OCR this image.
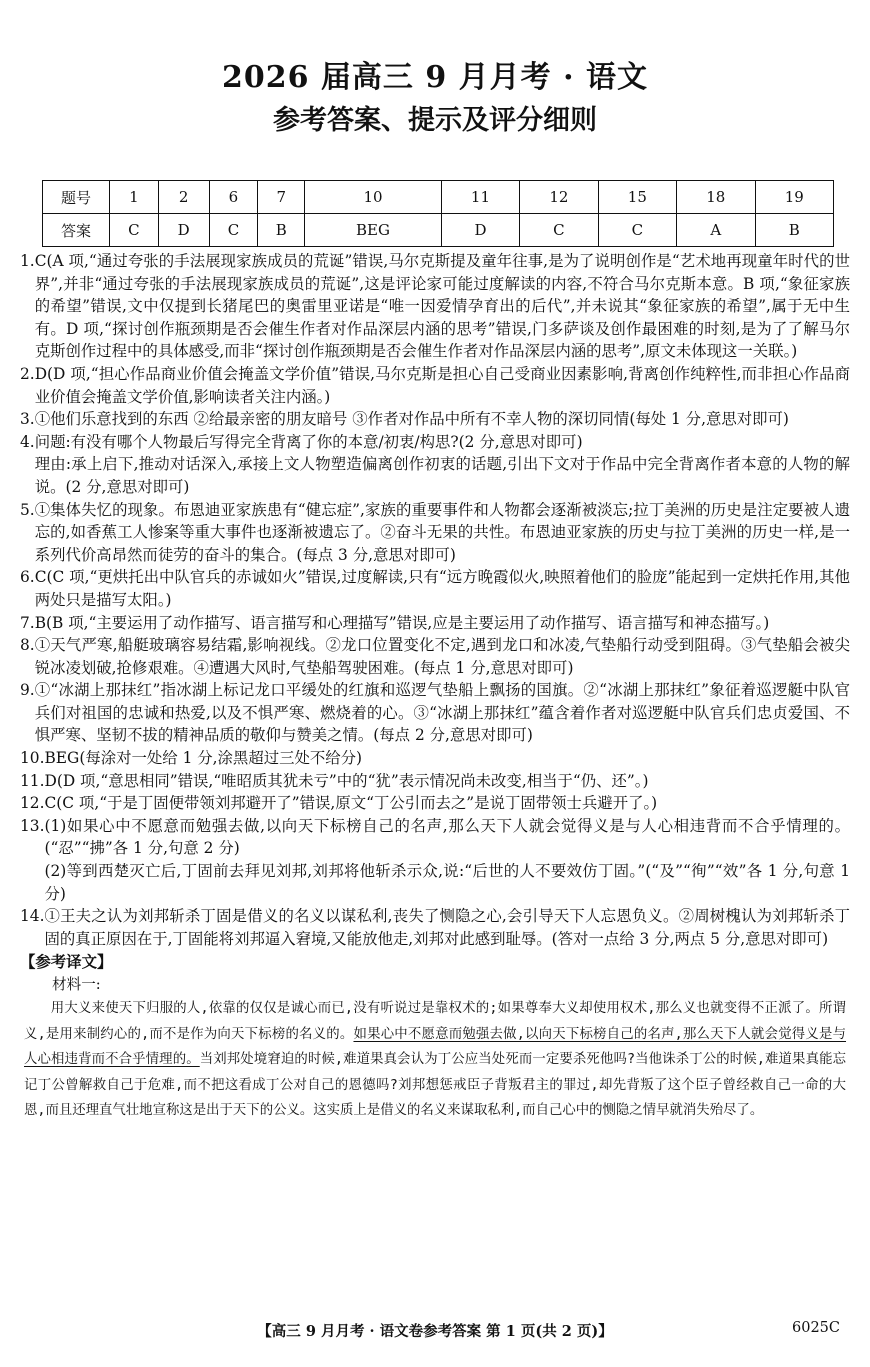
2026 届高三 9 月月考 · 语文
参考答案、提示及评分细则
题号	1	2	6	7	10	11	12	15	18	19
答案	C	D	C	B	BEG	D	C	C	A	B
1. C(A 项,“通过夸张的手法展现家族成员的荒诞”错误,马尔克斯提及童年往事,是为了说明创作是“艺术地再现童年时代的世界”,并非“通过夸张的手法展现家族成员的荒诞”,这是评论家可能过度解读的内容,不符合马尔克斯本意。B 项,“象征家族的希望”错误,文中仅提到长猪尾巴的奥雷里亚诺是“唯一因爱情孕育出的后代”,并未说其“象征家族的希望”,属于无中生有。D 项,“探讨创作瓶颈期是否会催生作者对作品深层内涵的思考”错误,门多萨谈及创作最困难的时刻,是为了了解马尔克斯创作过程中的具体感受,而非“探讨创作瓶颈期是否会催生作者对作品深层内涵的思考”,原文未体现这一关联。)
2. D(D 项,“担心作品商业价值会掩盖文学价值”错误,马尔克斯是担心自己受商业因素影响,背离创作纯粹性,而非担心作品商业价值会掩盖文学价值,影响读者关注内涵。)
3. ①他们乐意找到的东西 ②给最亲密的朋友暗号 ③作者对作品中所有不幸人物的深切同情(每处 1 分,意思对即可)
4. 问题:有没有哪个人物最后写得完全背离了你的本意/初衷/构思?(2 分,意思对即可)
理由:承上启下,推动对话深入,承接上文人物塑造偏离创作初衷的话题,引出下文对于作品中完全背离作者本意的人物的解说。(2 分,意思对即可)
5. ①集体失忆的现象。布恩迪亚家族患有“健忘症”,家族的重要事件和人物都会逐渐被淡忘;拉丁美洲的历史是注定要被人遗忘的,如香蕉工人惨案等重大事件也逐渐被遗忘了。②奋斗无果的共性。布恩迪亚家族的历史与拉丁美洲的历史一样,是一系列代价高昂然而徒劳的奋斗的集合。(每点 3 分,意思对即可)
6. C(C 项,“更烘托出中队官兵的赤诚如火”错误,过度解读,只有“远方晚霞似火,映照着他们的脸庞”能起到一定烘托作用,其他两处只是描写太阳。)
7. B(B 项,“主要运用了动作描写、语言描写和心理描写”错误,应是主要运用了动作描写、语言描写和神态描写。)
8. ①天气严寒,船艇玻璃容易结霜,影响视线。②龙口位置变化不定,遇到龙口和冰凌,气垫船行动受到阻碍。③气垫船会被尖锐冰凌划破,抢修艰难。④遭遇大风时,气垫船驾驶困难。(每点 1 分,意思对即可)
9. ①“冰湖上那抹红”指冰湖上标记龙口平缓处的红旗和巡逻气垫船上飘扬的国旗。②“冰湖上那抹红”象征着巡逻艇中队官兵们对祖国的忠诚和热爱,以及不惧严寒、燃烧着的心。③“冰湖上那抹红”蕴含着作者对巡逻艇中队官兵们忠贞爱国、不惧严寒、坚韧不拔的精神品质的敬仰与赞美之情。(每点 2 分,意思对即可)
10. BEG(每涂对一处给 1 分,涂黑超过三处不给分)
11. D(D 项,“意思相同”错误,“唯昭质其犹未亏”中的“犹”表示情况尚未改变,相当于“仍、还”。)
12. C(C 项,“于是丁固便带领刘邦避开了”错误,原文“丁公引而去之”是说丁固带领士兵避开了。)
13. (1)如果心中不愿意而勉强去做,以向天下标榜自己的名声,那么天下人就会觉得义是与人心相违背而不合乎情理的。(“忍”“拂”各 1 分,句意 2 分)
(2)等到西楚灭亡后,丁固前去拜见刘邦,刘邦将他斩杀示众,说:“后世的人不要效仿丁固。”(“及”“徇”“效”各 1 分,句意 1 分)
14. ①王夫之认为刘邦斩杀丁固是借义的名义以谋私利,丧失了恻隐之心,会引导天下人忘恩负义。②周树槐认为刘邦斩杀丁固的真正原因在于,丁固能将刘邦逼入窘境,又能放他走,刘邦对此感到耻辱。(答对一点给 3 分,两点 5 分,意思对即可)
【参考译文】
材料一:

用大义来使天下归服的人,依靠的仅仅是诚心而已,没有听说过是靠权术的;如果尊奉大义却使用权术,那么义也就变得不正派了。所谓义,是用来制约心的,而不是作为向天下标榜的名义的。如果心中不愿意而勉强去做,以向天下标榜自己的名声,那么天下人就会觉得义是与人心相违背而不合乎情理的。当刘邦处境窘迫的时候,难道果真会认为丁公应当处死而一定要杀死他吗?当他诛杀丁公的时候,难道果真能忘记丁公曾解救自己于危难,而不把这看成丁公对自己的恩德吗?刘邦想惩戒臣子背叛君主的罪过,却先背叛了这个臣子曾经救自己一命的大恩,而且还理直气壮地宣称这是出于天下的公义。这实质上是借义的名义来谋取私利,而自己心中的恻隐之情早就消失殆尽了。

【高三 9 月月考 · 语文卷参考答案 第 1 页(共 2 页)】	6025C
